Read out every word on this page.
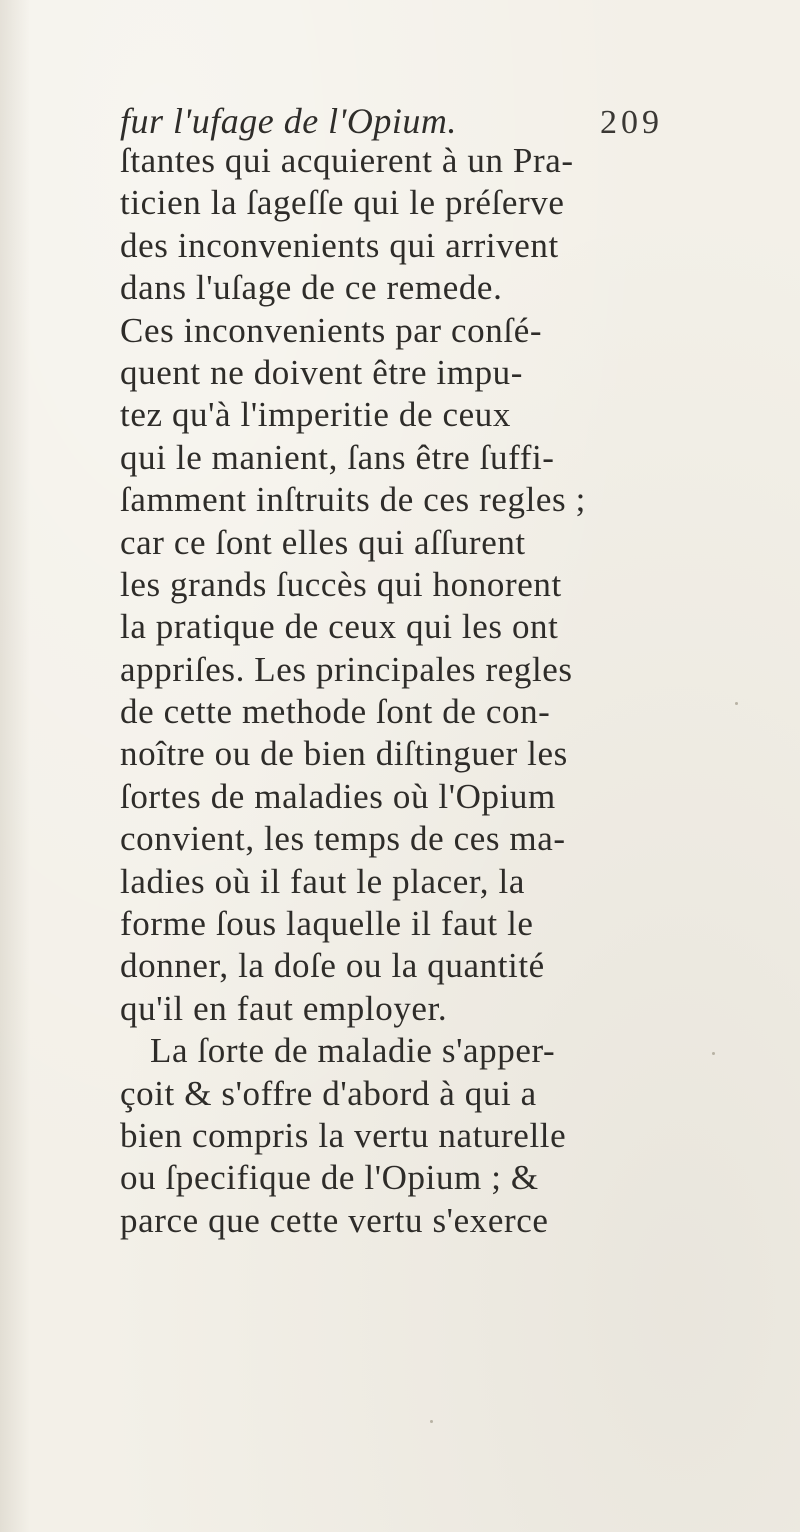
fur l'ufage de l'Opium.	209
ſtantes qui acquierent à un Pra-
ticien la ſageſſe qui le préſerve
des inconvenients qui arrivent
dans l'uſage de ce remede.
Ces inconvenients par conſé-
quent ne doivent être impu-
tez qu'à l'imperitie de ceux
qui le manient, ſans être ſuffi-
ſamment inſtruits de ces regles ;
car ce ſont elles qui aſſurent
les grands ſuccès qui honorent
la pratique de ceux qui les ont
appriſes. Les principales regles
de cette methode ſont de con-
noître ou de bien diſtinguer les
ſortes de maladies où l'Opium
convient, les temps de ces ma-
ladies où il faut le placer, la
forme ſous laquelle il faut le
donner, la doſe ou la quantité
qu'il en faut employer.
La ſorte de maladie s'apper-
çoit & s'offre d'abord à qui a
bien compris la vertu naturelle
ou ſpecifique de l'Opium ; &
parce que cette vertu s'exerce
